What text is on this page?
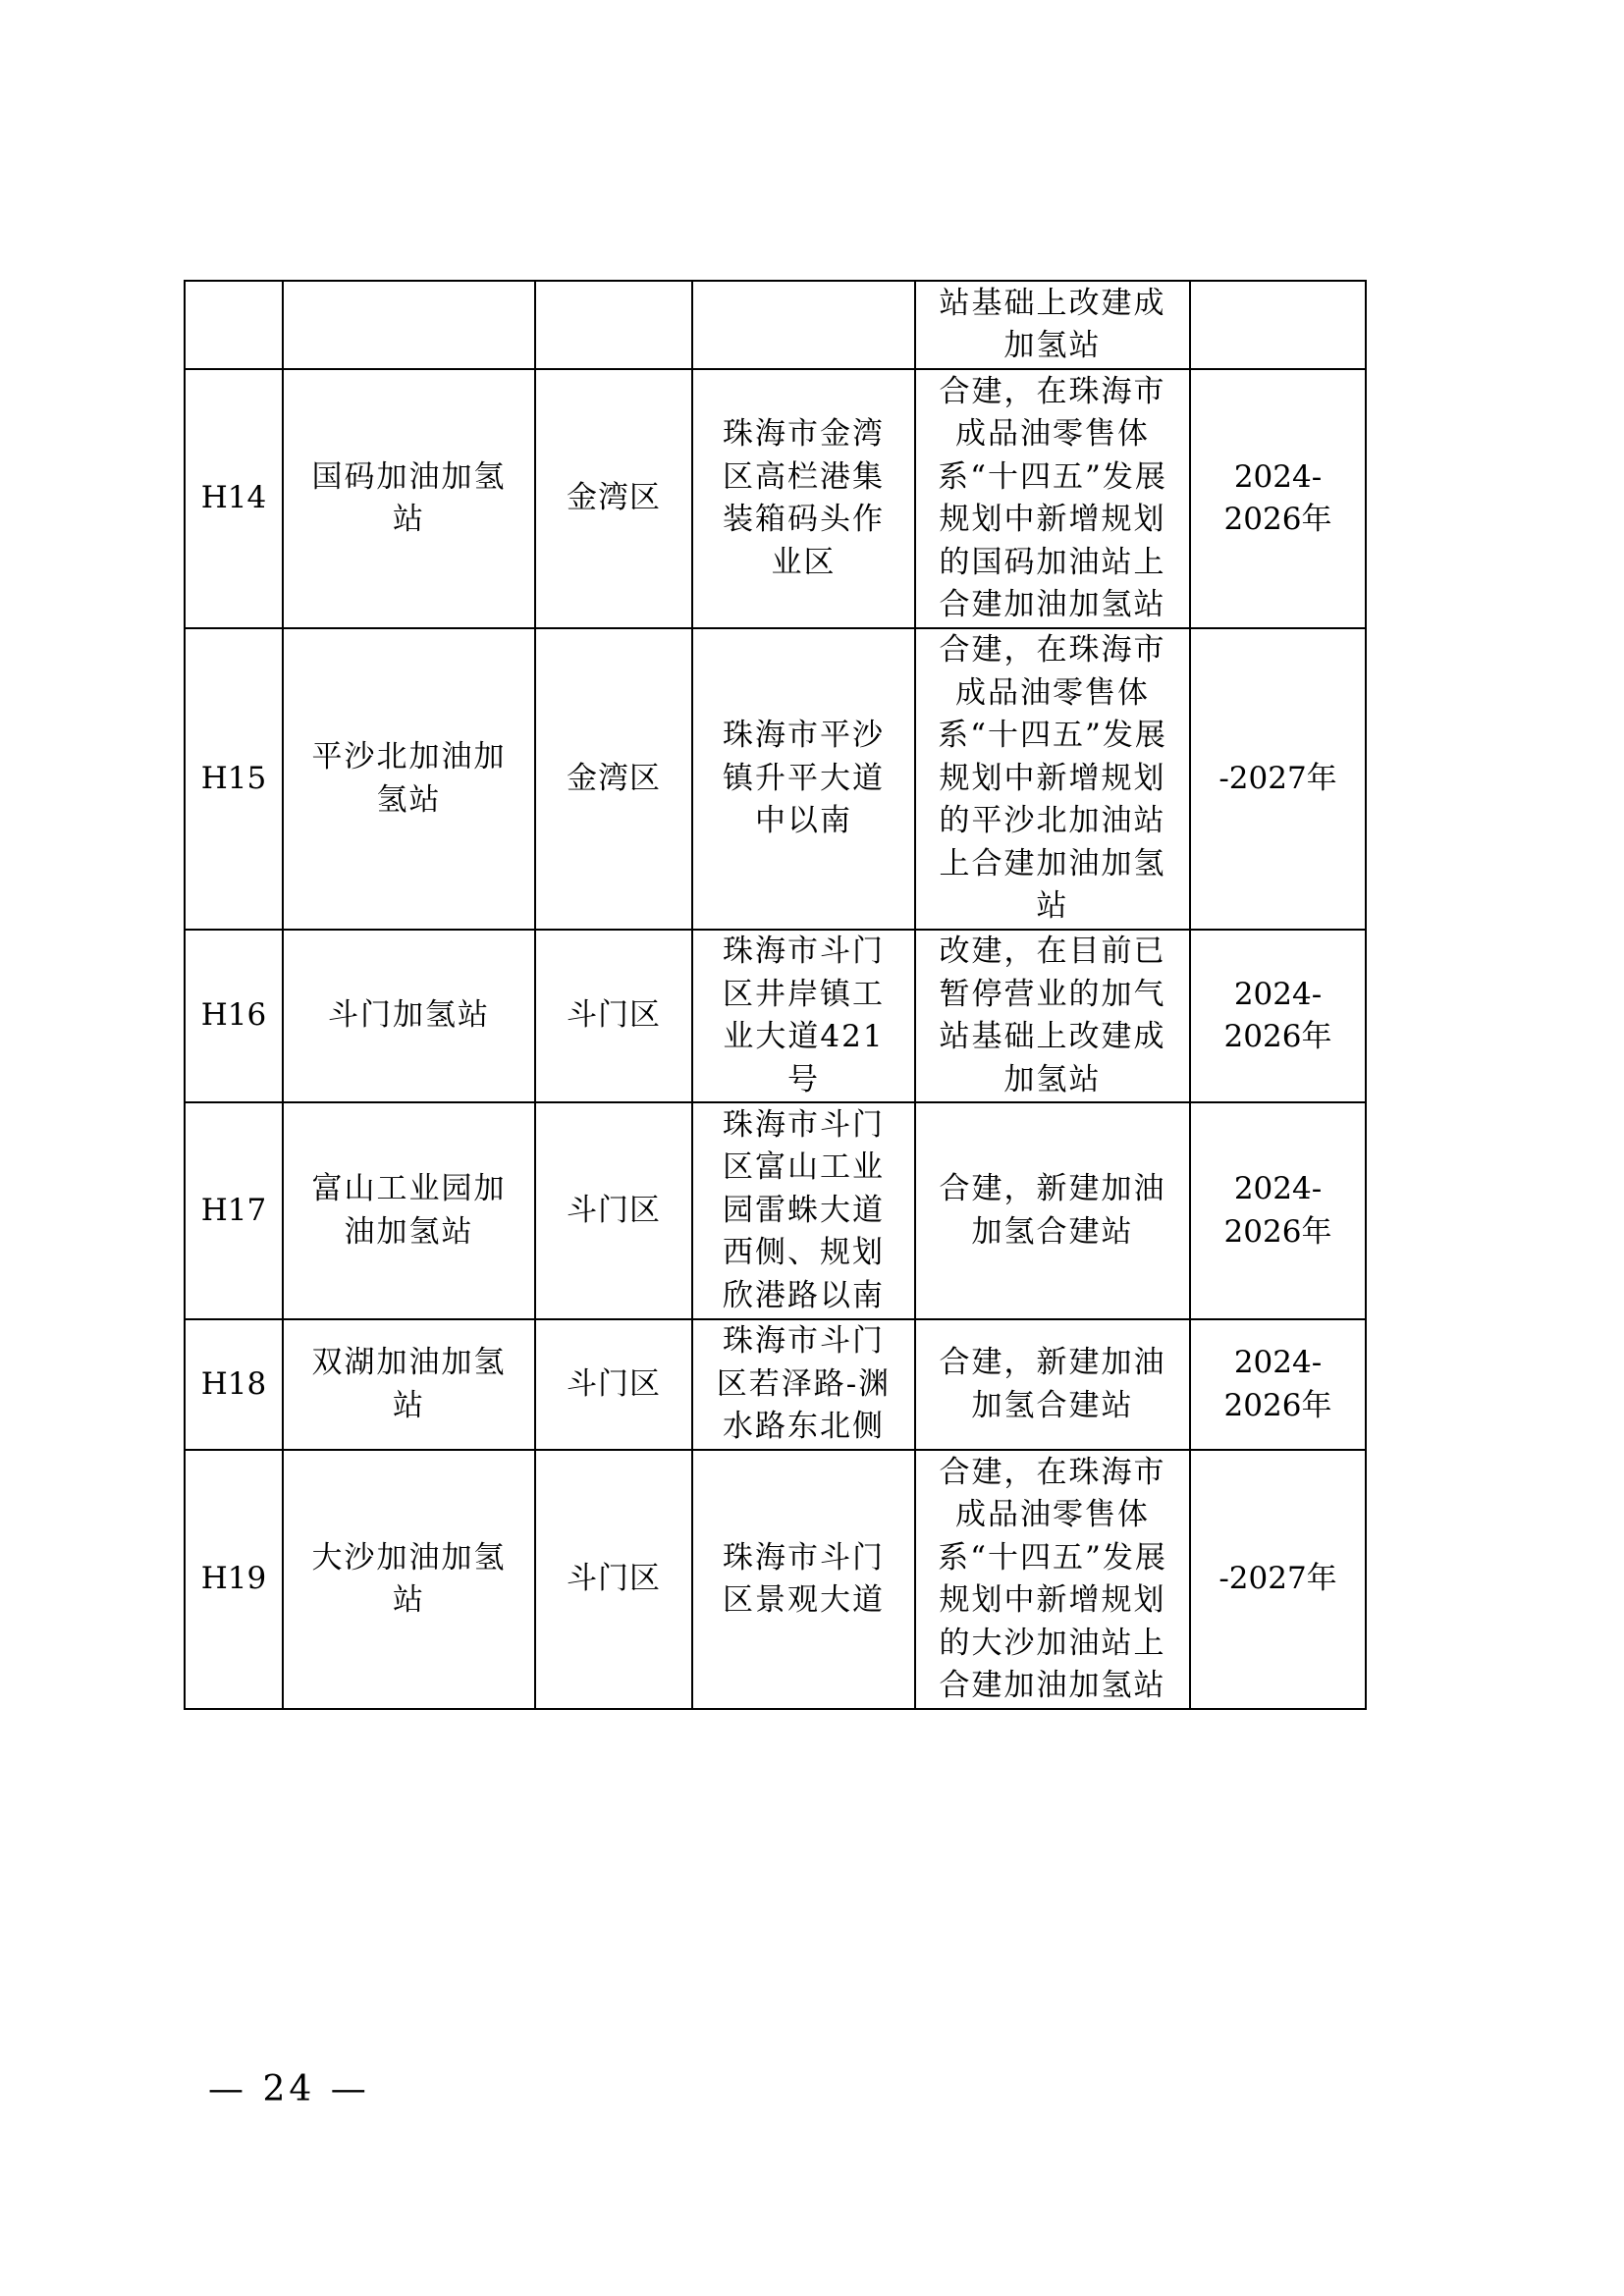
				站基础上改建成加氢站	
H14	国码加油加氢站	金湾区	珠海市金湾区高栏港集装箱码头作业区	合建，在珠海市成品油零售体系“十四五”发展规划中新增规划的国码加油站上合建加油加氢站	2024-2026年
H15	平沙北加油加氢站	金湾区	珠海市平沙镇升平大道中以南	合建，在珠海市成品油零售体系“十四五”发展规划中新增规划的平沙北加油站上合建加油加氢站	-2027年
H16	斗门加氢站	斗门区	珠海市斗门区井岸镇工业大道421号	改建，在目前已暂停营业的加气站基础上改建成加氢站	2024-2026年
H17	富山工业园加油加氢站	斗门区	珠海市斗门区富山工业园雷蛛大道西侧、规划欣港路以南	合建，新建加油加氢合建站	2024-2026年
H18	双湖加油加氢站	斗门区	珠海市斗门区若泽路-渊水路东北侧	合建，新建加油加氢合建站	2024-2026年
H19	大沙加油加氢站	斗门区	珠海市斗门区景观大道	合建，在珠海市成品油零售体系“十四五”发展规划中新增规划的大沙加油站上合建加油加氢站	-2027年
— 24 —
